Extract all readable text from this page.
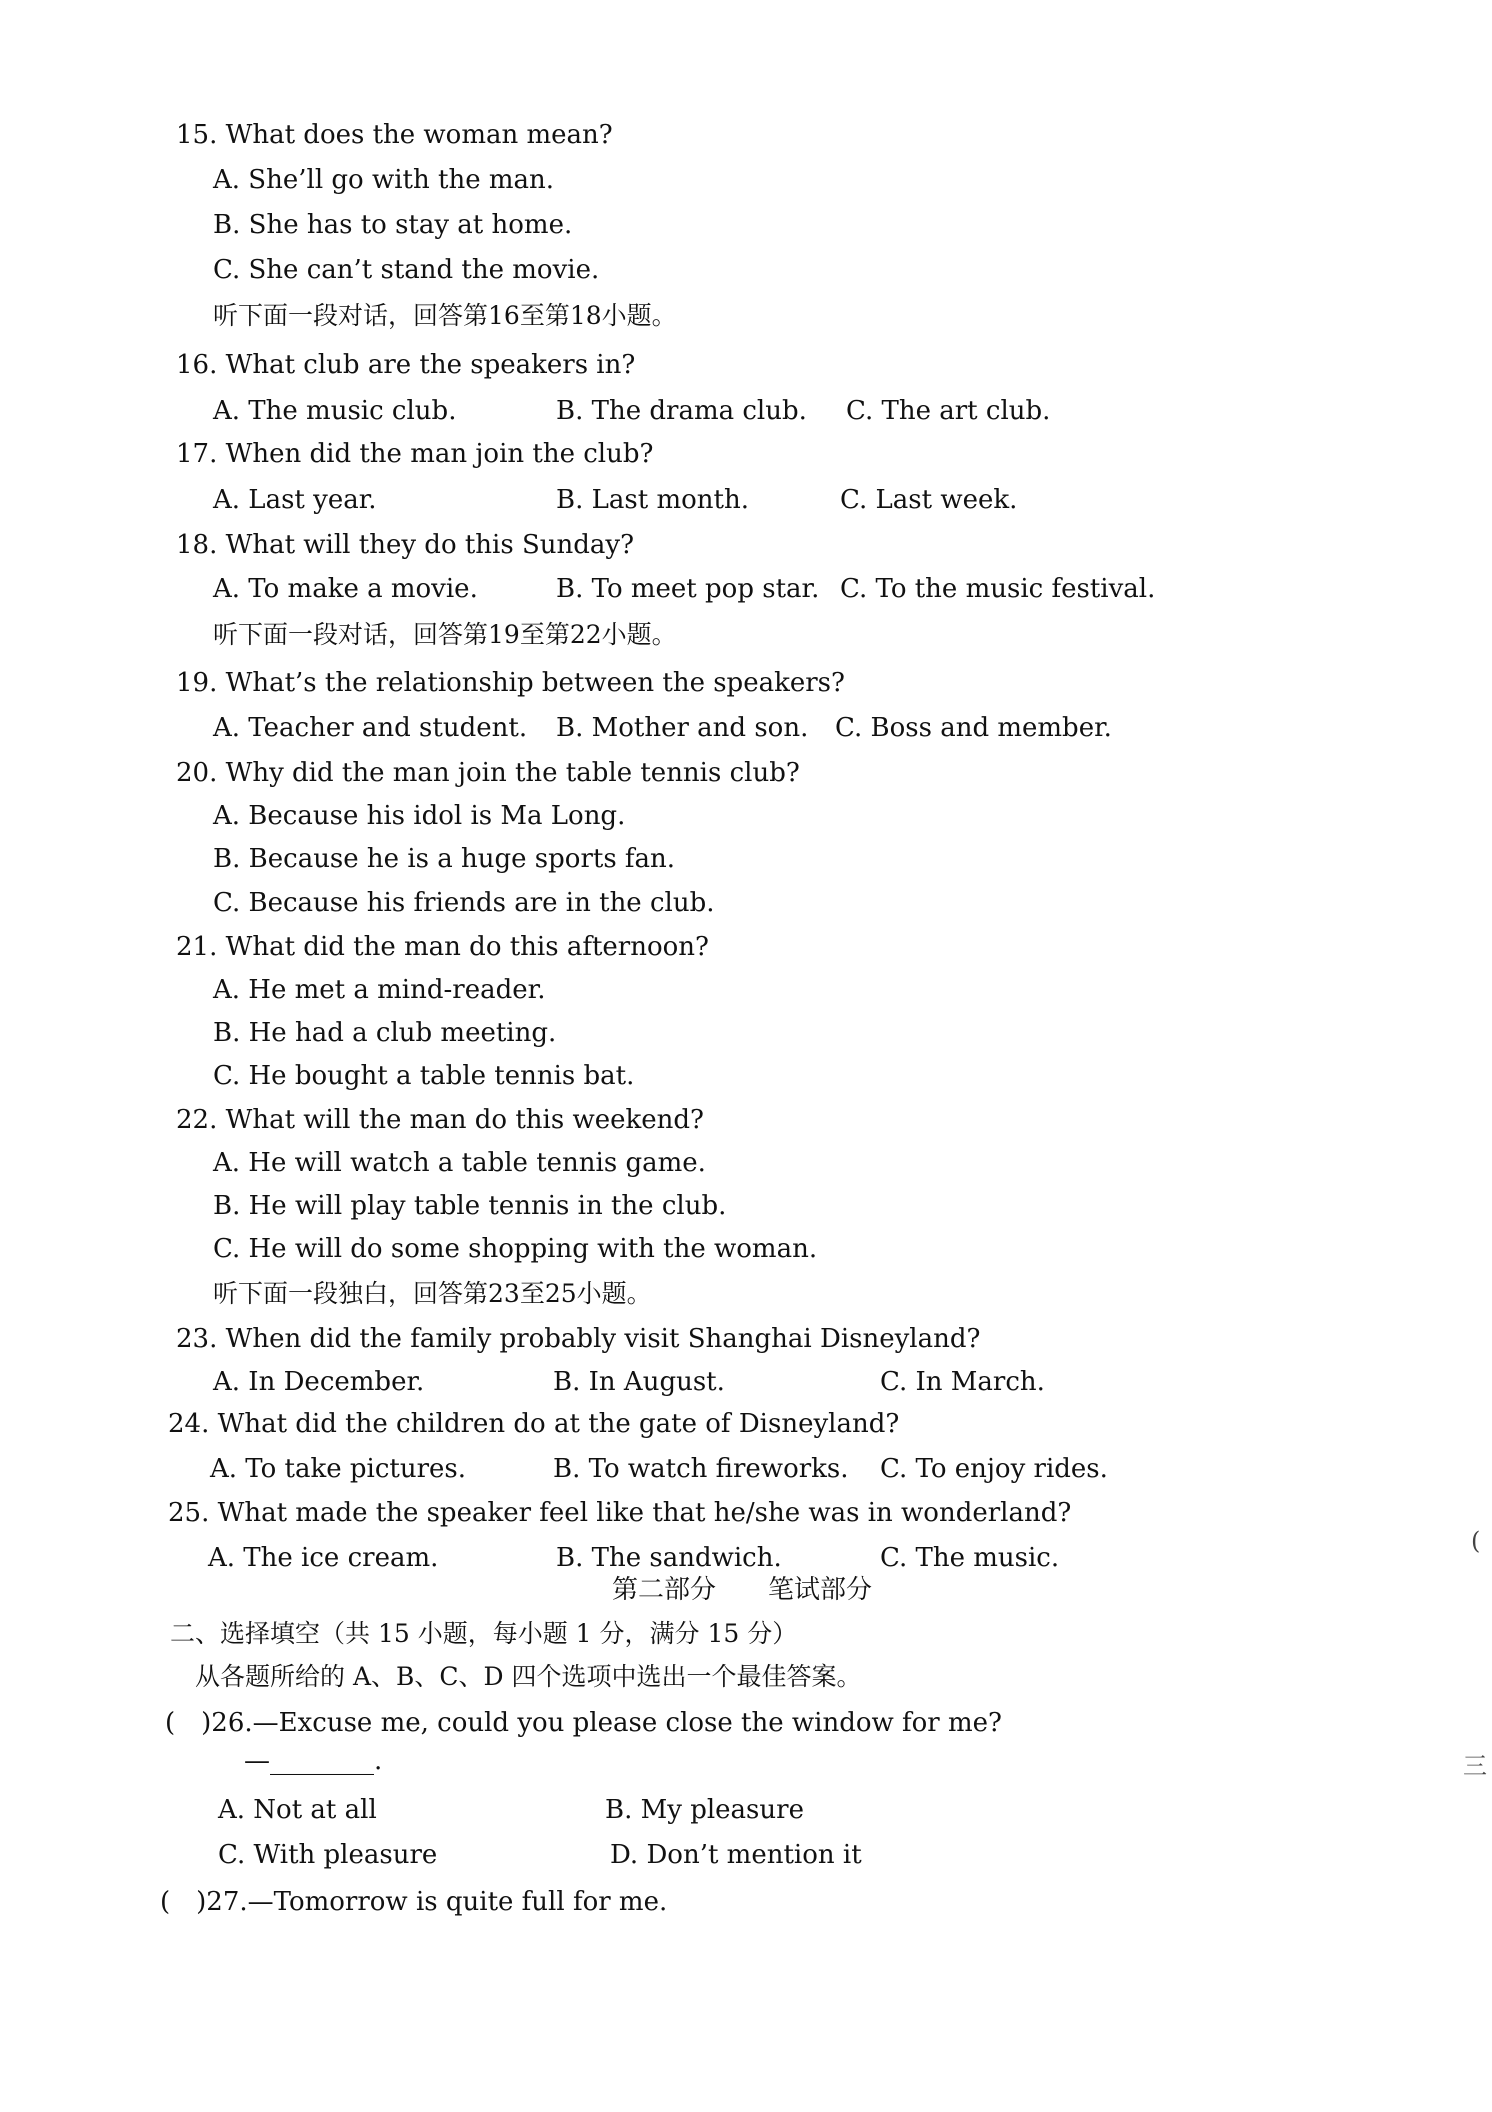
15. What does the woman mean?
A. She’ll go with the man.
B. She has to stay at home.
C. She can’t stand the movie.
听下面一段对话，回答第16至第18小题。
16. What club are the speakers in?
A. The music club.	B. The drama club. C. The art club.
17. When did the man join the club?
A. Last year.	B. Last month.	C. Last week.
18. What will they do this Sunday?
A. To make a movie.	B. To meet pop star. C. To the music festival.
听下面一段对话，回答第19至第22小题。
19. What’s the relationship between the speakers?
A. Teacher and student. B. Mother and son. C. Boss and member.
20. Why did the man join the table tennis club?
A. Because his idol is Ma Long.
B. Because he is a huge sports fan.
C. Because his friends are in the club.
21. What did the man do this afternoon?
A. He met a mind-reader.
B. He had a club meeting.
C. He bought a table tennis bat.
22. What will the man do this weekend?
A. He will watch a table tennis game.
B. He will play table tennis in the club.
C. He will do some shopping with the woman.
听下面一段独白，回答第23至25小题。
23. When did the family probably visit Shanghai Disneyland?
A. In December.	B. In August.	C. In March.
24. What did the children do at the gate of Disneyland?
A. To take pictures.	B. To watch fireworks. C. To enjoy rides.
25. What made the speaker feel like that he/she was in wonderland?
A. The ice cream.	B. The sandwich.	C. The music.
第二部分　　笔试部分
二、选择填空（共 15 小题，每小题 1 分，满分 15 分）
从各题所给的 A、B、C、D 四个选项中选出一个最佳答案。
(　)26.—Excuse me, could you please close the window for me?
—________.
A. Not at all	B. My pleasure
C. With pleasure	D. Don’t mention it
(　)27.—Tomorrow is quite full for me.
(
三
